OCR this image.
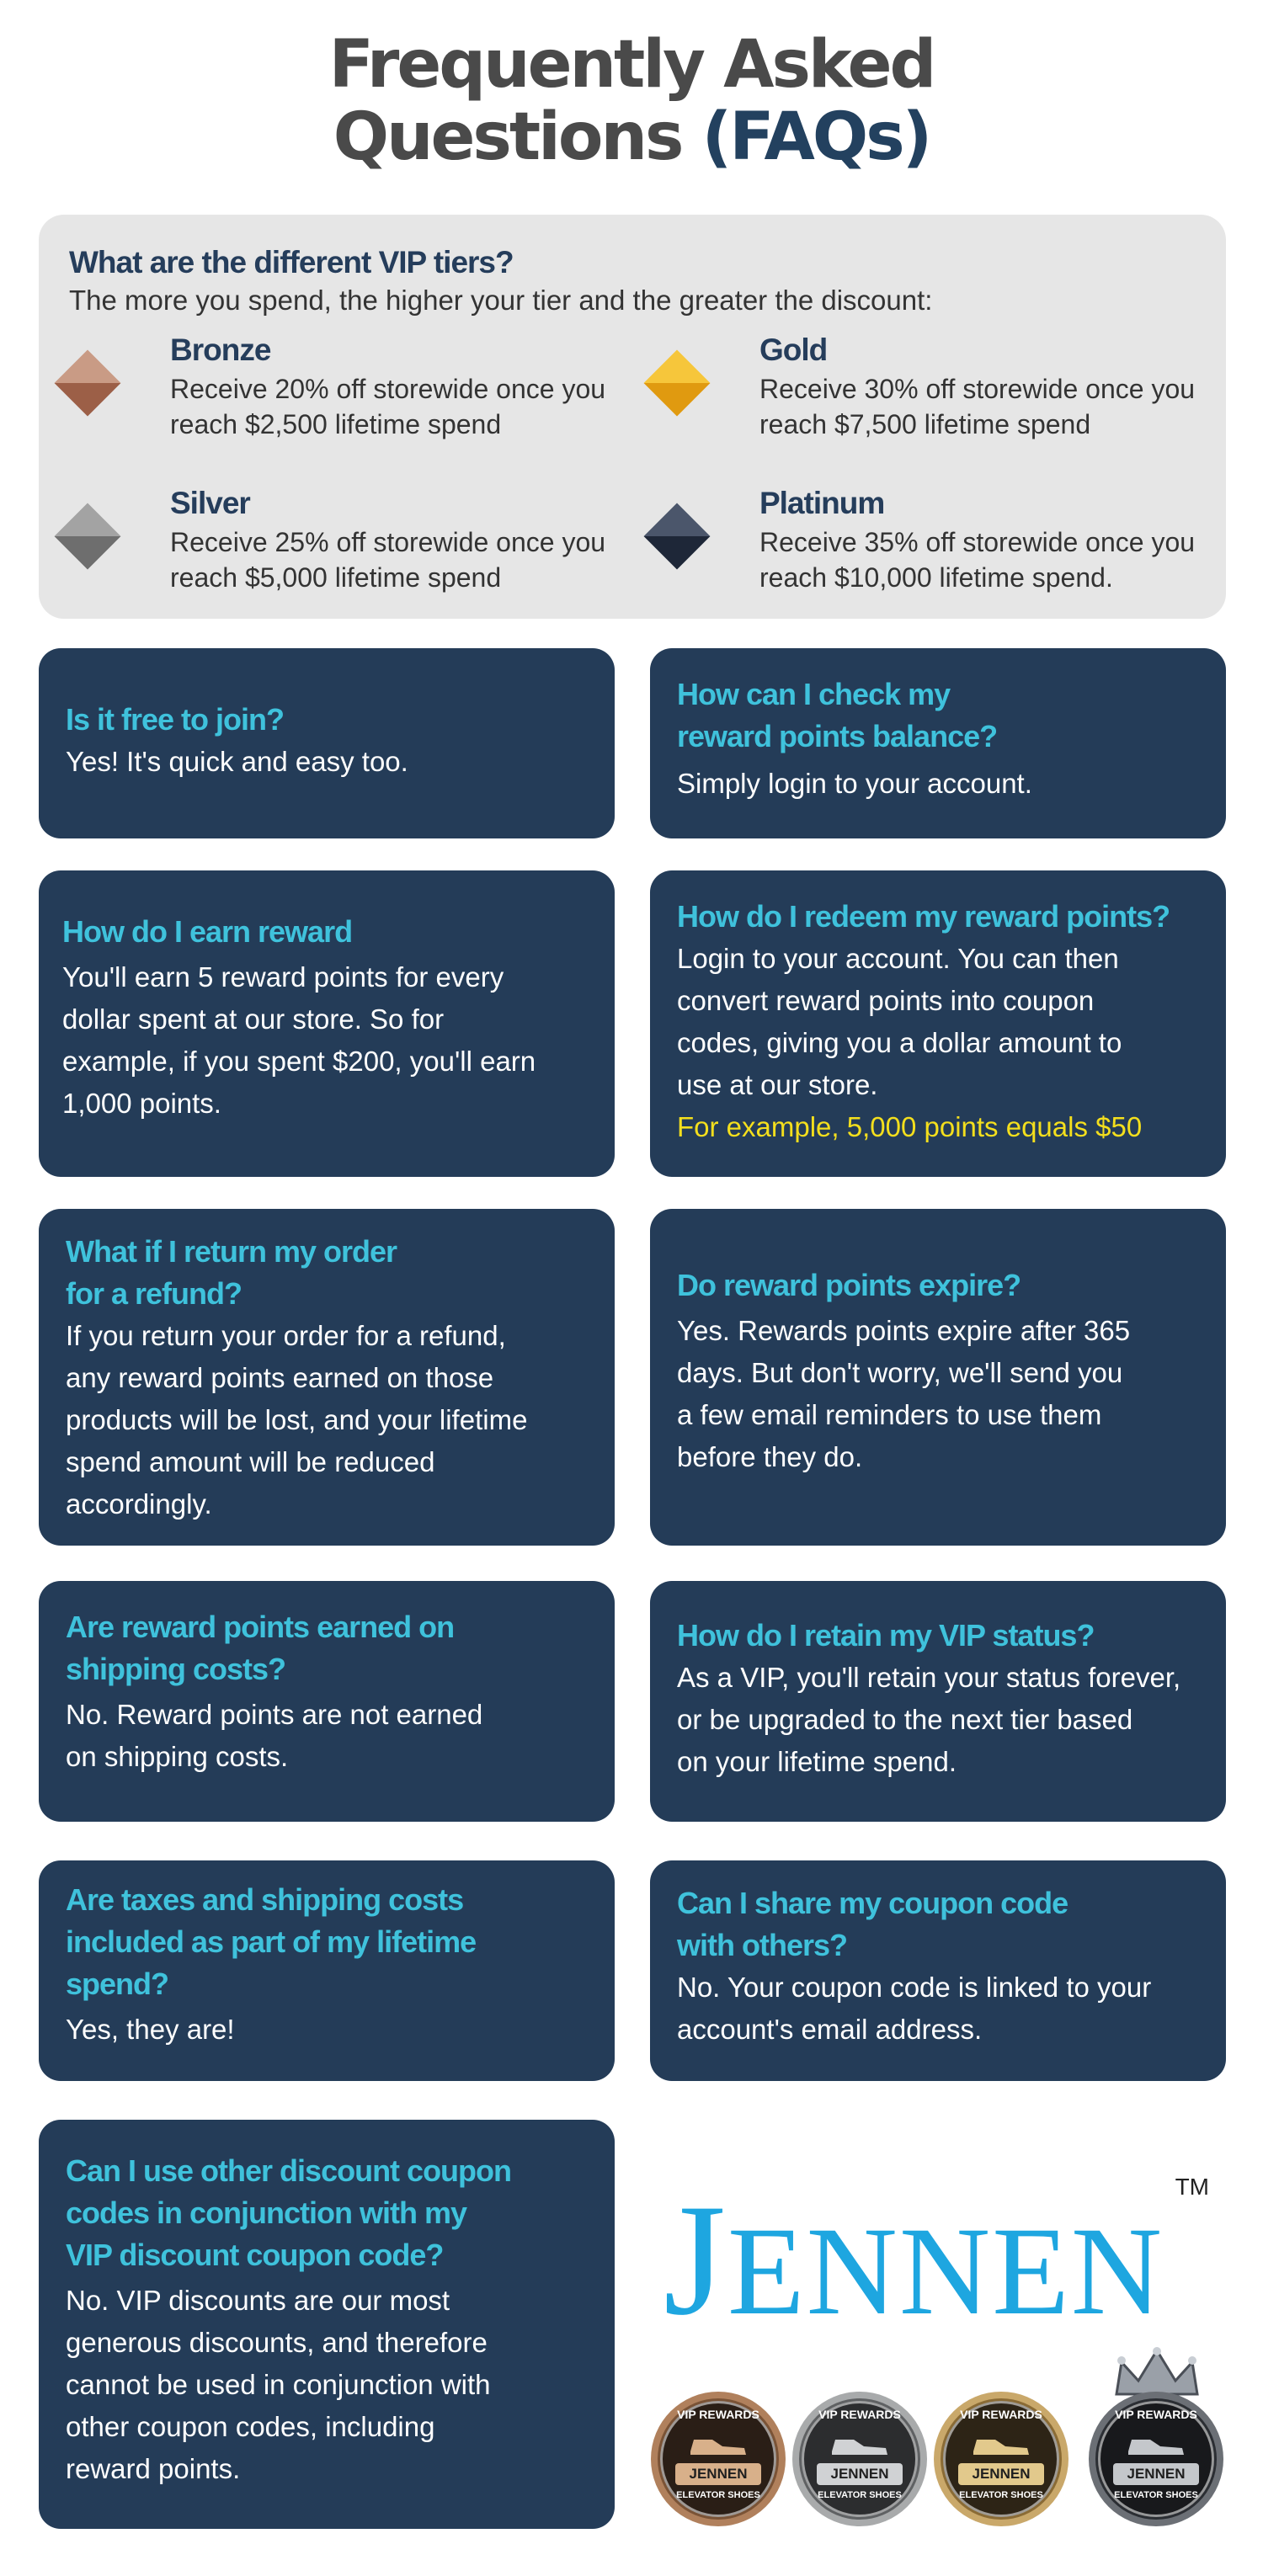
Frequently Asked
Questions (FAQs)
What are the different VIP tiers?
The more you spend, the higher your tier and the greater the discount:
Bronze
Receive 20% off storewide once you reach $2,500 lifetime spend
Gold
Receive 30% off storewide once you reach $7,500 lifetime spend
Silver
Receive 25% off storewide once you reach $5,000 lifetime spend
Platinum
Receive 35% off storewide once you reach $10,000 lifetime spend.
Is it free to join?
Yes! It's quick and easy too.
How can I check my
reward points balance?
Simply login to your account.
How do I earn reward
You'll earn 5 reward points for every
dollar spent at our store. So for
example, if you spent $200, you'll earn
1,000 points.
How do I redeem my reward points?
Login to your account. You can then
convert reward points into coupon
codes, giving you a dollar amount to
use at our store.
For example, 5,000 points equals $50
What if I return my order
for a refund?
If you return your order for a refund,
any reward points earned on those
products will be lost, and your lifetime
spend amount will be reduced
accordingly.
Do reward points expire?
Yes. Rewards points expire after 365
days. But don't worry, we'll send you
a few email reminders to use them
before they do.
Are reward points earned on
shipping costs?
No. Reward points are not earned
on shipping costs.
How do I retain my VIP status?
As a VIP, you'll retain your status forever,
or be upgraded to the next tier based
on your lifetime spend.
Are taxes and shipping costs
included as part of my lifetime
spend?
Yes, they are!
Can I share my coupon code
with others?
No. Your coupon code is linked to your
account's email address.
Can I use other discount coupon
codes in conjunction with my
VIP discount coupon code?
No. VIP discounts are our most
generous discounts, and therefore
cannot be used in conjunction with
other coupon codes, including
reward points.
JENNEN
TM
VIP REWARDS
JENNEN
ELEVATOR SHOES
VIP REWARDS
JENNEN
ELEVATOR SHOES
VIP REWARDS
JENNEN
ELEVATOR SHOES
VIP REWARDS
JENNEN
ELEVATOR SHOES
